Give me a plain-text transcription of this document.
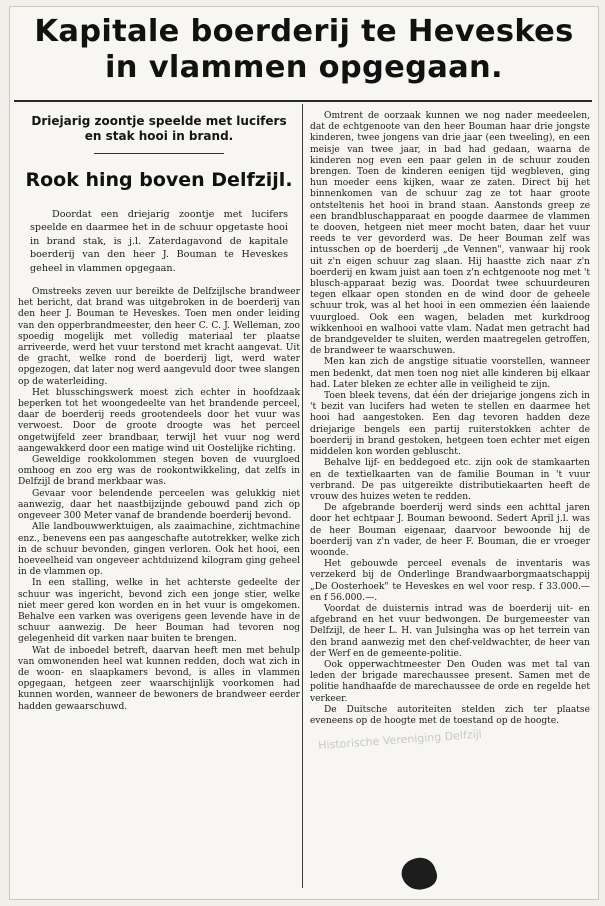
Kapitale boerderij te Heveskes
in vlammen opgegaan.
Driejarig zoontje speelde met lucifers
en stak hooi in brand.
Rook hing boven Delfzijl.

Doordat een driejarig zoontje met lucifers speelde en daarmee het in de schuur opgetaste hooi in brand stak, is j.l. Zaterdagavond de kapitale boerderij van den heer J. Bouman te Heveskes geheel in vlammen opgegaan.

Omstreeks zeven uur bereikte de Delfzijlsche brandweer het bericht, dat brand was uitgebroken in de boerderij van den heer J. Bouman te Heveskes. Toen men onder leiding van den opperbrandmeester, den heer C. C. J. Welleman, zoo spoedig mogelijk met volledig materiaal ter plaatse arriveerde, werd het vuur terstond met kracht aangevat. Uit de gracht, welke rond de boerderij ligt, werd water opgezogen, dat later nog werd aangevuld door twee slangen op de waterleiding.

Het blusschingswerk moest zich echter in hoofdzaak beperken tot het woongedeelte van het brandende perceel, daar de boerderij reeds grootendeels door het vuur was verwoest. Door de groote droogte was het perceel ongetwijfeld zeer brandbaar, terwijl het vuur nog werd aangewakkerd door een matige wind uit Oostelijke richting.

Geweldige rookkolommen stegen boven de vuurgloed omhoog en zoo erg was de rookontwikkeling, dat zelfs in Delfzijl de brand merkbaar was.

Gevaar voor belendende perceelen was gelukkig niet aanwezig, daar het naastbijzijnde gebouwd pand zich op ongeveer 300 Meter vanaf de brandende boerderij bevond.

Alle landbouwwerktuigen, als zaaimachine, zichtmachine enz., benevens een pas aangeschafte autotrekker, welke zich in de schuur bevonden, gingen verloren. Ook het hooi, een hoeveelheid van ongeveer achtduizend kilogram ging geheel in de vlammen op.

In een stalling, welke in het achterste gedeelte der schuur was ingericht, bevond zich een jonge stier, welke niet meer gered kon worden en in het vuur is omgekomen. Behalve een varken was overigens geen levende have in de schuur aanwezig. De heer Bouman had tevoren nog gelegenheid dit varken naar buiten te brengen.

Wat de inboedel betreft, daarvan heeft men met behulp van omwonenden heel wat kunnen redden, doch wat zich in de woon- en slaapkamers bevond, is alles in vlammen opgegaan, hetgeen zeer waarschijnlijk voorkomen had kunnen worden, wanneer de bewoners de brandweer eerder hadden gewaarschuwd.

Omtrent de oorzaak kunnen we nog nader meedeelen, dat de echtgenoote van den heer Bouman haar drie jongste kinderen, twee jongens van drie jaar (een tweeling), en een meisje van twee jaar, in bad had gedaan, waarna de kinderen nog even een paar gelen in de schuur zouden brengen. Toen de kinderen eenigen tijd wegbleven, ging hun moeder eens kijken, waar ze zaten. Direct bij het binnenkomen van de schuur zag ze tot haar groote ontsteltenis het hooi in brand staan. Aanstonds greep ze een brandbluschapparaat en poogde daarmee de vlammen te dooven, hetgeen niet meer mocht baten, daar het vuur reeds te ver gevorderd was. De heer Bouman zelf was intusschen op de boerderij „de Vennen", vanwaar hij rook uit z'n eigen schuur zag slaan. Hij haastte zich naar z'n boerderij en kwam juist aan toen z'n echtgenoote nog met 't blusch-apparaat bezig was. Doordat twee schuurdeuren tegen elkaar open stonden en de wind door de geheele schuur trok, was al het hooi in een ommezien één laaiende vuurgloed. Ook een wagen, beladen met kurkdroog wikkenhooi en walhooi vatte vlam. Nadat men getracht had de brandgevelder te sluiten, werden maatregelen getroffen, de brandweer te waarschuwen.

Men kan zich de angstige situatie voorstellen, wanneer men bedenkt, dat men toen nog niet alle kinderen bij elkaar had. Later bleken ze echter alle in veiligheid te zijn.

Toen bleek tevens, dat één der driejarige jongens zich in 't bezit van lucifers had weten te stellen en daarmee het hooi had aangestoken. Een dag tevoren hadden deze driejarige bengels een partij ruiterstokken achter de boerderij in brand gestoken, hetgeen toen echter met eigen middelen kon worden gebluscht.

Behalve lijf- en beddegoed etc. zijn ook de stamkaarten en de textielkaarten van de familie Bouman in 't vuur verbrand. De pas uitgereikte distributiekaarten heeft de vrouw des huizes weten te redden.

De afgebrande boerderij werd sinds een achttal jaren door het echtpaar J. Bouman bewoond. Sedert April j.l. was de heer Bouman eigenaar, daarvoor bewoonde hij de boerderij van z'n vader, de heer F. Bouman, die er vroeger woonde.

Het gebouwde perceel evenals de inventaris was verzekerd bij de Onderlinge Brandwaarborgmaatschappij „De Oosterhoek" te Heveskes en wel voor resp. f 33.000.— en f 56.000.—.

Voordat de duisternis intrad was de boerderij uit- en afgebrand en het vuur bedwongen. De burgemeester van Delfzijl, de heer L. H. van Julsingha was op het terrein van den brand aanwezig met den chef-veldwachter, de heer van der Werf en de gemeente-politie.

Ook opperwachtmeester Den Ouden was met tal van leden der brigade marechaussee present. Samen met de politie handhaafde de marechaussee de orde en regelde het verkeer.

De Duitsche autoriteiten stelden zich ter plaatse eveneens op de hoogte met de toestand op de hoogte.

Historische Vereniging Delfzijl
